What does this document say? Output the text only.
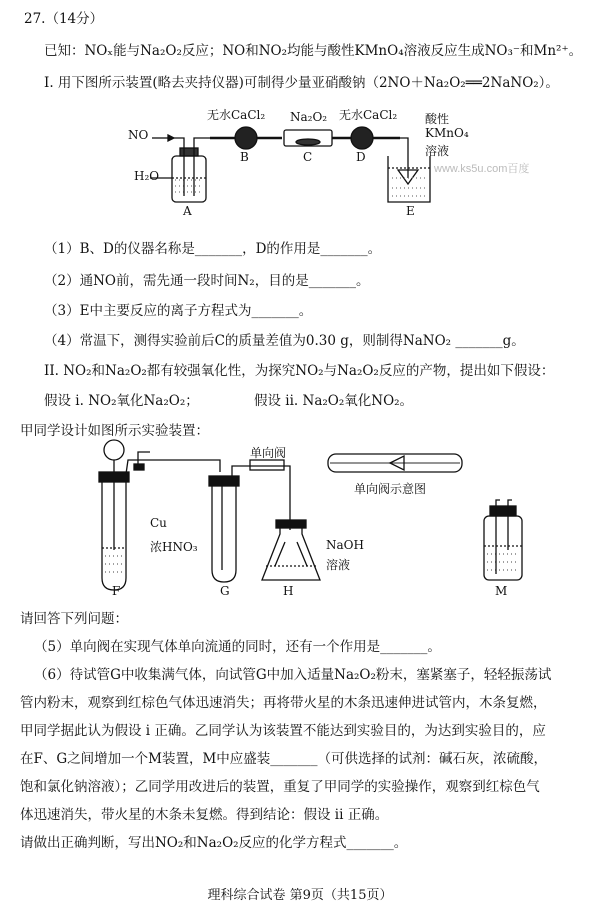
27.（14分）
已知：NOₓ能与Na₂O₂反应；NO和NO₂均能与酸性KMnO₄溶液反应生成NO₃⁻和Mn²⁺。
I. 用下图所示装置(略去夹持仪器)可制得少量亚硝酸钠（2NO＋Na₂O₂══2NaNO₂）。
NO
H₂O
无水CaCl₂ Na₂O₂ 无水CaCl₂ 酸性
KMnO₄
溶液
A
B	C	D
E
www.ks5u.com百度
（1）B、D的仪器名称是_______，D的作用是_______。
（2）通NO前，需先通一段时间N₂，目的是_______。
（3）E中主要反应的离子方程式为_______。
（4）常温下，测得实验前后C的质量差值为0.30 g，则制得NaNO₂ _______g。
II. NO₂和Na₂O₂都有较强氧化性，为探究NO₂与Na₂O₂反应的产物，提出如下假设：
假设 i. NO₂氧化Na₂O₂；	假设 ii. Na₂O₂氧化NO₂。
甲同学设计如图所示实验装置：
单向阀
单向阀示意图
Cu
浓HNO₃	NaOH
溶液
F	G	H	M
请回答下列问题：
（5）单向阀在实现气体单向流通的同时，还有一个作用是_______。
（6）待试管G中收集满气体，向试管G中加入适量Na₂O₂粉末，塞紧塞子，轻轻振荡试
管内粉末，观察到红棕色气体迅速消失；再将带火星的木条迅速伸进试管内，木条复燃，
甲同学据此认为假设 i 正确。乙同学认为该装置不能达到实验目的，为达到实验目的，应
在F、G之间增加一个M装置，M中应盛装_______（可供选择的试剂：碱石灰，浓硫酸，
饱和氯化钠溶液）；乙同学用改进后的装置，重复了甲同学的实验操作，观察到红棕色气
体迅速消失，带火星的木条未复燃。得到结论：假设 ii 正确。
请做出正确判断，写出NO₂和Na₂O₂反应的化学方程式_______。
理科综合试卷 第9页（共15页）
